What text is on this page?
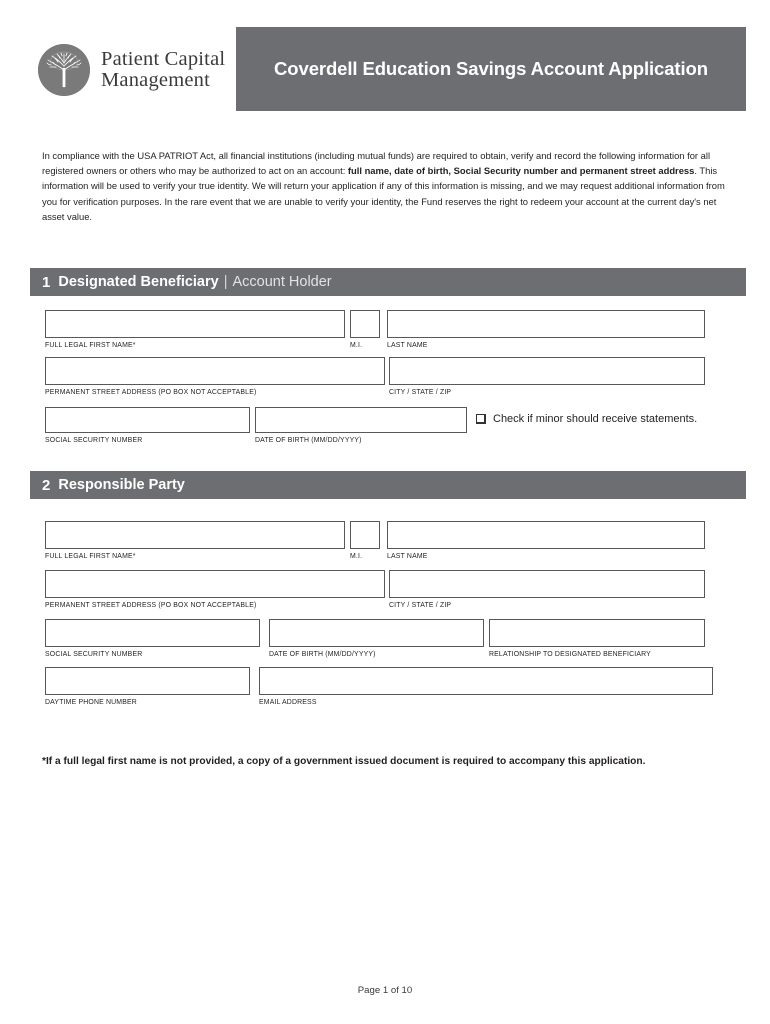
Patient Capital
Management
Coverdell Education Savings Account Application
In compliance with the USA PATRIOT Act, all financial institutions (including mutual funds) are required to obtain, verify and record the following information for all registered owners or others who may be authorized to act on an account: full name, date of birth, Social Security number and permanent street address. This information will be used to verify your true identity. We will return your application if any of this information is missing, and we may request additional information from you for verification purposes. In the rare event that we are unable to verify your identity, the Fund reserves the right to redeem your account at the current day's net asset value.
1 Designated Beneficiary | Account Holder
FULL LEGAL FIRST NAME*	M.I.	LAST NAME
PERMANENT STREET ADDRESS (PO BOX NOT ACCEPTABLE)	CITY / STATE / ZIP
SOCIAL SECURITY NUMBER	DATE OF BIRTH (MM/DD/YYYY)
Check if minor should receive statements.
2 Responsible Party
FULL LEGAL FIRST NAME*	M.I.	LAST NAME
PERMANENT STREET ADDRESS (PO BOX NOT ACCEPTABLE)	CITY / STATE / ZIP
SOCIAL SECURITY NUMBER	DATE OF BIRTH (MM/DD/YYYY)	RELATIONSHIP TO DESIGNATED BENEFICIARY
DAYTIME PHONE NUMBER	EMAIL ADDRESS
*If a full legal first name is not provided, a copy of a government issued document is required to accompany this application.
Page 1 of 10
